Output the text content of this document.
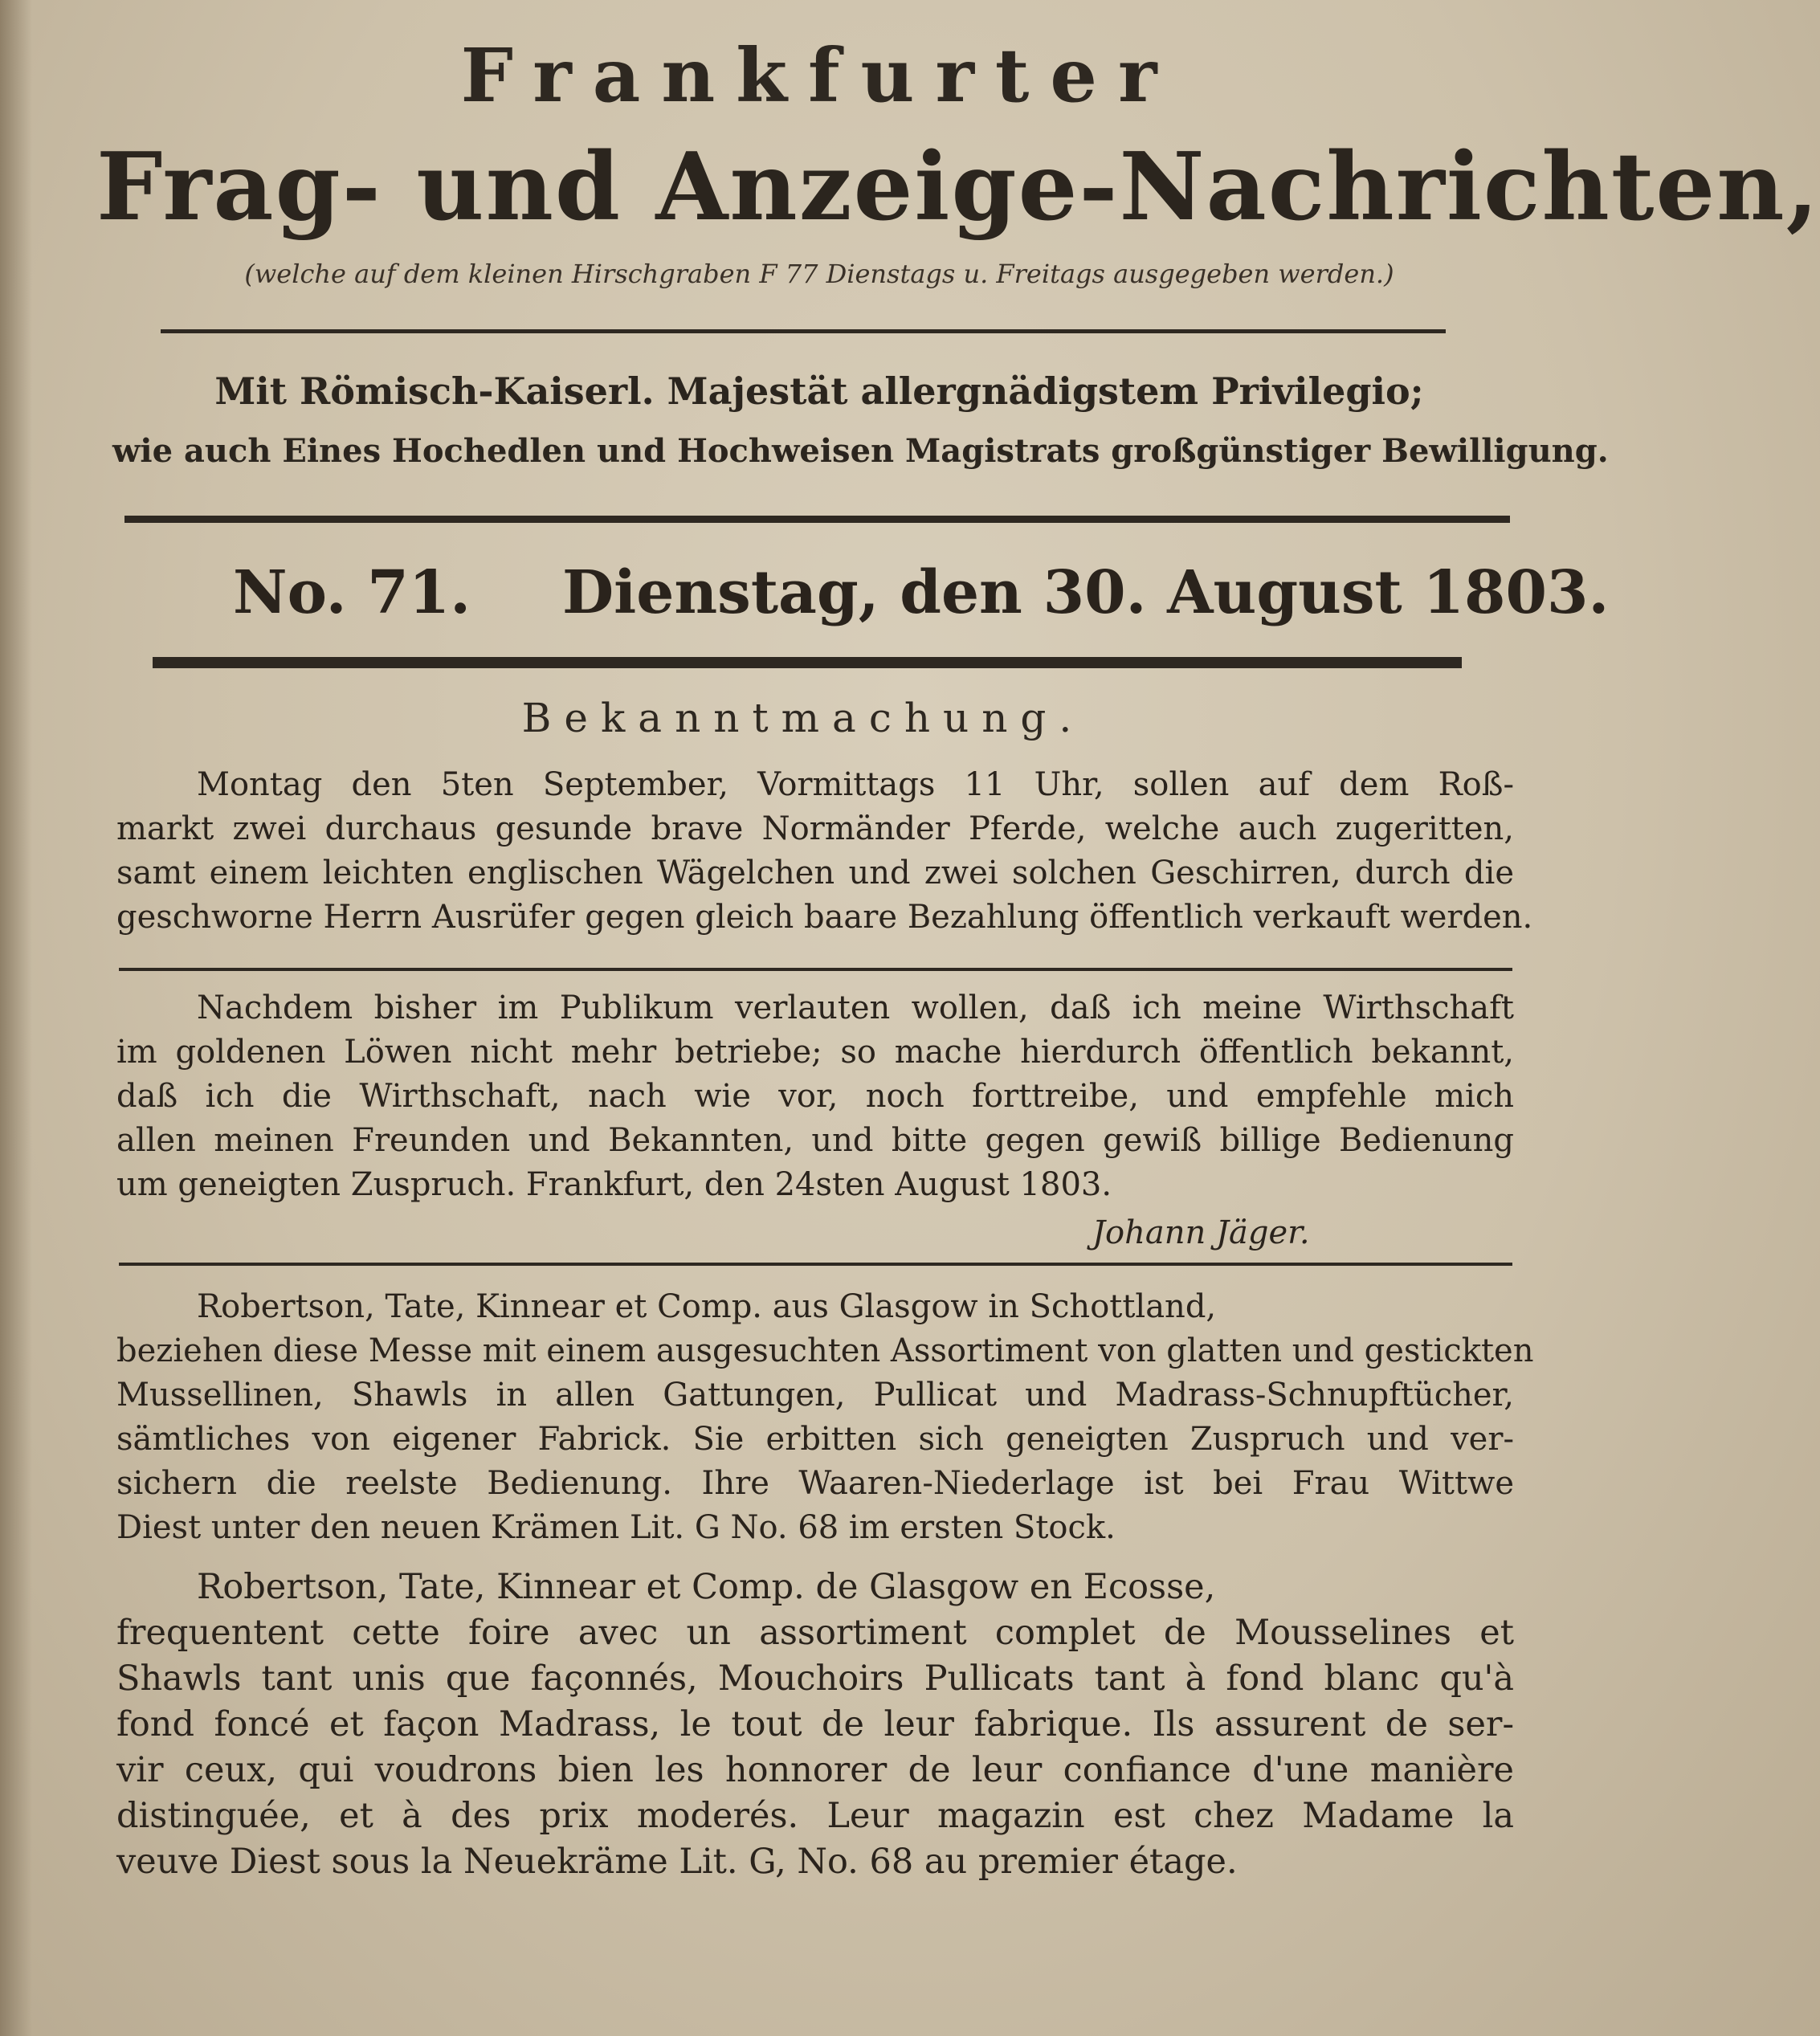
Frankfurter
Frag- und Anzeige-Nachrichten,
(welche auf dem kleinen Hirschgraben F 77 Dienstags u. Freitags ausgegeben werden.)
Mit Römisch-Kaiserl. Majestät allergnädigstem Privilegio;
wie auch Eines Hochedlen und Hochweisen Magistrats großgünstiger Bewilligung.
No. 71. Dienstag, den 30. August 1803.
Bekanntmachung.
Montag den 5ten September, Vormittags 11 Uhr, sollen auf dem Roß-
markt zwei durchaus gesunde brave Normänder Pferde, welche auch zugeritten,
samt einem leichten englischen Wägelchen und zwei solchen Geschirren, durch die
geschworne Herrn Ausrüfer gegen gleich baare Bezahlung öffentlich verkauft werden.
Nachdem bisher im Publikum verlauten wollen, daß ich meine Wirthschaft
im goldenen Löwen nicht mehr betriebe; so mache hierdurch öffentlich bekannt,
daß ich die Wirthschaft, nach wie vor, noch forttreibe, und empfehle mich
allen meinen Freunden und Bekannten, und bitte gegen gewiß billige Bedienung
um geneigten Zuspruch. Frankfurt, den 24sten August 1803.
Johann Jäger.
Robertson, Tate, Kinnear et Comp. aus Glasgow in Schottland,
beziehen diese Messe mit einem ausgesuchten Assortiment von glatten und gestickten
Mussellinen, Shawls in allen Gattungen, Pullicat und Madrass-Schnupftücher,
sämtliches von eigener Fabrick. Sie erbitten sich geneigten Zuspruch und ver-
sichern die reelste Bedienung. Ihre Waaren-Niederlage ist bei Frau Wittwe
Diest unter den neuen Krämen Lit. G No. 68 im ersten Stock.
Robertson, Tate, Kinnear et Comp. de Glasgow en Ecosse,
frequentent cette foire avec un assortiment complet de Mousselines et
Shawls tant unis que façonnés, Mouchoirs Pullicats tant à fond blanc qu'à
fond foncé et façon Madrass, le tout de leur fabrique. Ils assurent de ser-
vir ceux, qui voudrons bien les honnorer de leur confiance d'une manière
distinguée, et à des prix moderés. Leur magazin est chez Madame la
veuve Diest sous la Neuekräme Lit. G, No. 68 au premier étage.
